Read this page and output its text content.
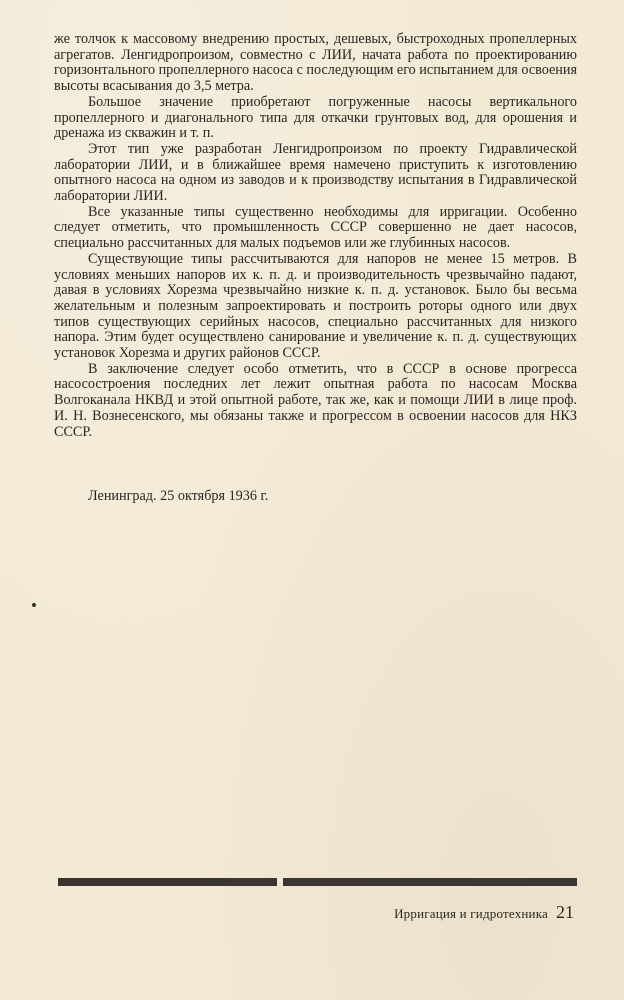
же толчок к массовому внедрению простых, дешевых, быстроходных пропеллерных агрегатов. Ленгидропроизом, совместно с ЛИИ, начата работа по проектированию горизонтального пропеллерного насоса с последующим его испытанием для освоения высоты всасывания до 3,5 метра.

Большое значение приобретают погруженные насосы вертикального пропеллерного и диагонального типа для откачки грунтовых вод, для орошения и дренажа из скважин и т. п.

Этот тип уже разработан Ленгидропроизом по проекту Гидравлической лаборатории ЛИИ, и в ближайшее время намечено приступить к изготовлению опытного насоса на одном из заводов и к производству испытания в Гидравлической лаборатории ЛИИ.

Все указанные типы существенно необходимы для ирригации. Особенно следует отметить, что промышленность СССР совершенно не дает насосов, специально рассчитанных для малых подъемов или же глубинных насосов.

Существующие типы рассчитываются для напоров не менее 15 метров. В условиях меньших напоров их к. п. д. и производительность чрезвычайно падают, давая в условиях Хорезма чрезвычайно низкие к. п. д. установок. Было бы весьма желательным и полезным запроектировать и построить роторы одного или двух типов существующих серийных насосов, специально рассчитанных для низкого напора. Этим будет осуществлено санирование и увеличение к. п. д. существующих установок Хорезма и других районов СССР.

В заключение следует особо отметить, что в СССР в основе прогресса насосостроения последних лет лежит опытная работа по насосам Москва Волгоканала НКВД и этой опытной работе, так же, как и помощи ЛИИ в лице проф. И. Н. Вознесенского, мы обязаны также и прогрессом в освоении насосов для НКЗ СССР.

Ленинград. 25 октября 1936 г.
Ирригация и гидротехника 21
